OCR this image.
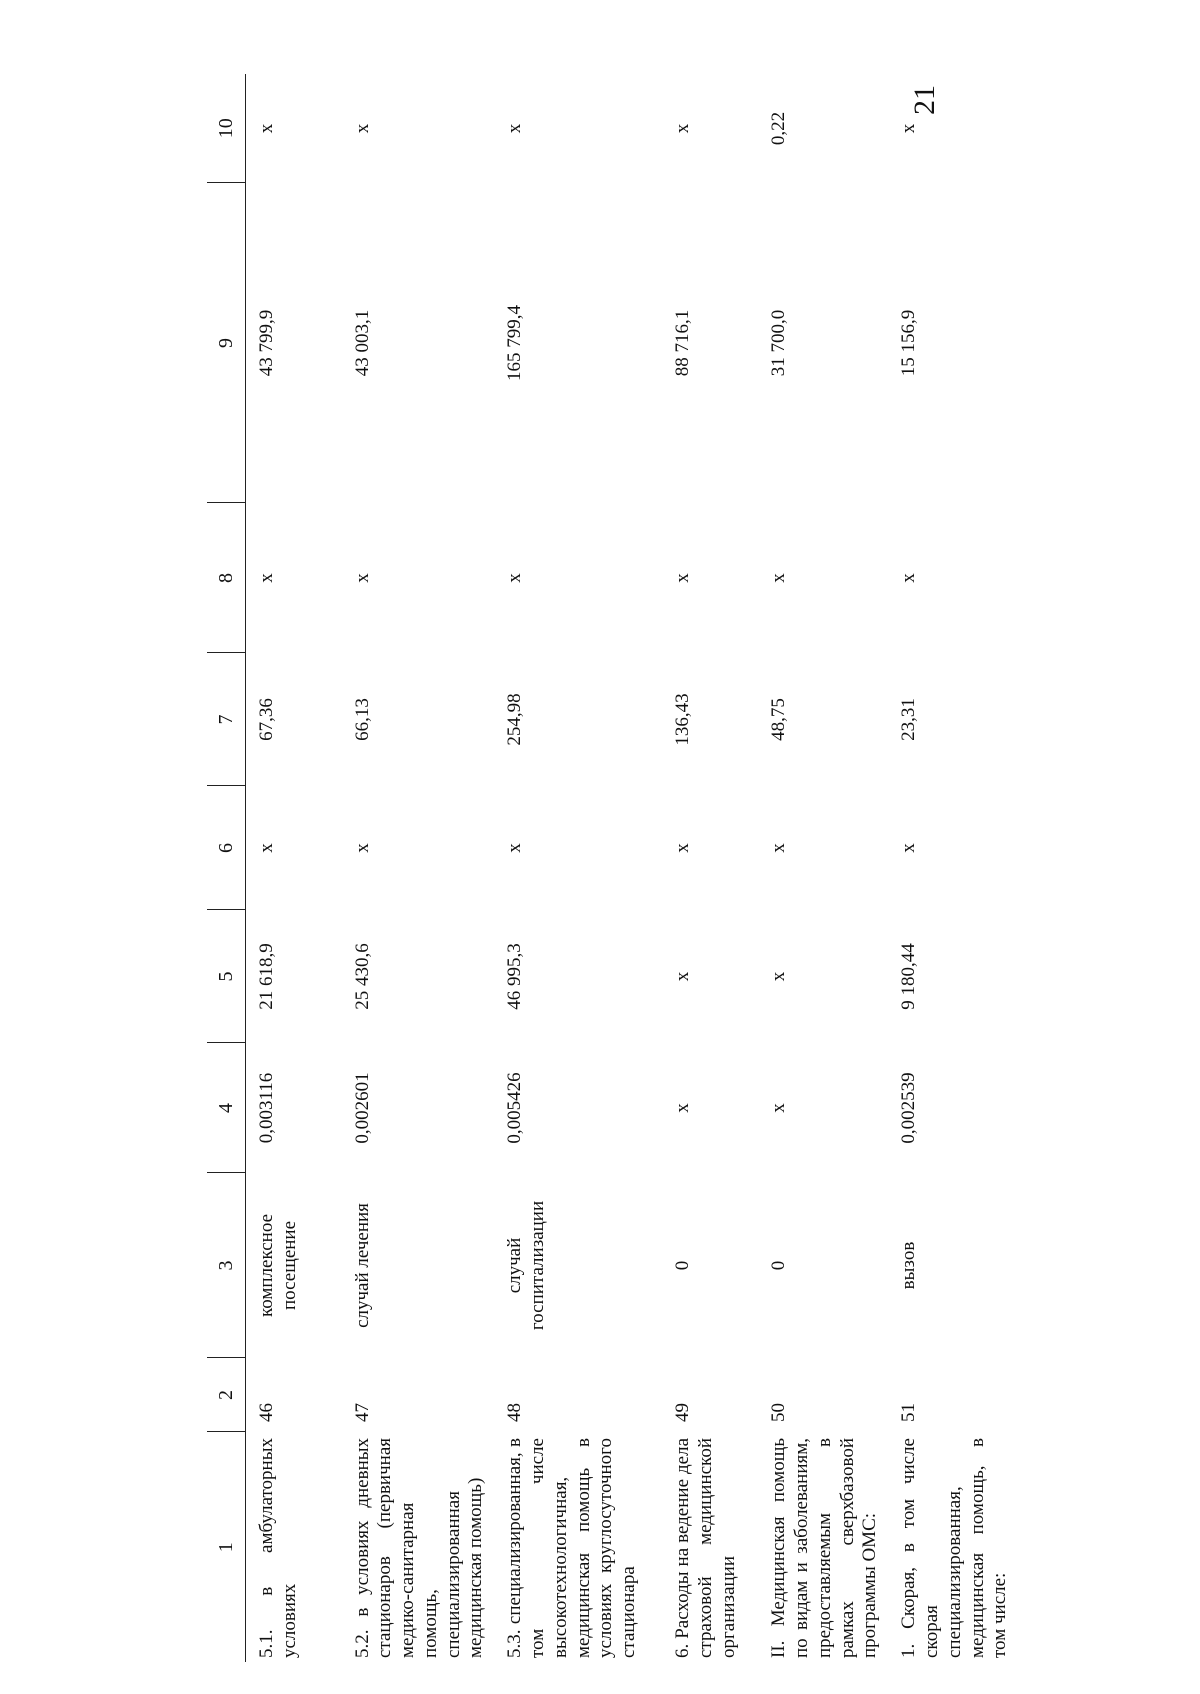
21
1	2	3	4	5	6	7	8	9	10
5.1. в амбулаторных условиях	46	комплексное посещение	0,003116	21 618,9	х	67,36	х	43 799,9	х
5.2. в условиях дневных стационаров (первичная медико-санитарная помощь, специализированная медицинская помощь)	47	случай лечения	0,002601	25 430,6	х	66,13	х	43 003,1	х
5.3. специализированная, в том числе высокотехнологичная, медицинская помощь в условиях круглосуточного стационара	48	случай госпитализации	0,005426	46 995,3	х	254,98	х	165 799,4	х
6. Расходы на ведение дела страховой медицинской организации	49	0	х	х	х	136,43	х	88 716,1	х
II. Медицинская помощь по видам и заболеваниям, предоставляемым в рамках сверхбазовой программы ОМС:	50	0	х	х	х	48,75	х	31 700,0	0,22
1. Скорая, в том числе скорая специализированная, медицинская помощь, в том числе:	51	вызов	0,002539	9 180,44	х	23,31	х	15 156,9	х
